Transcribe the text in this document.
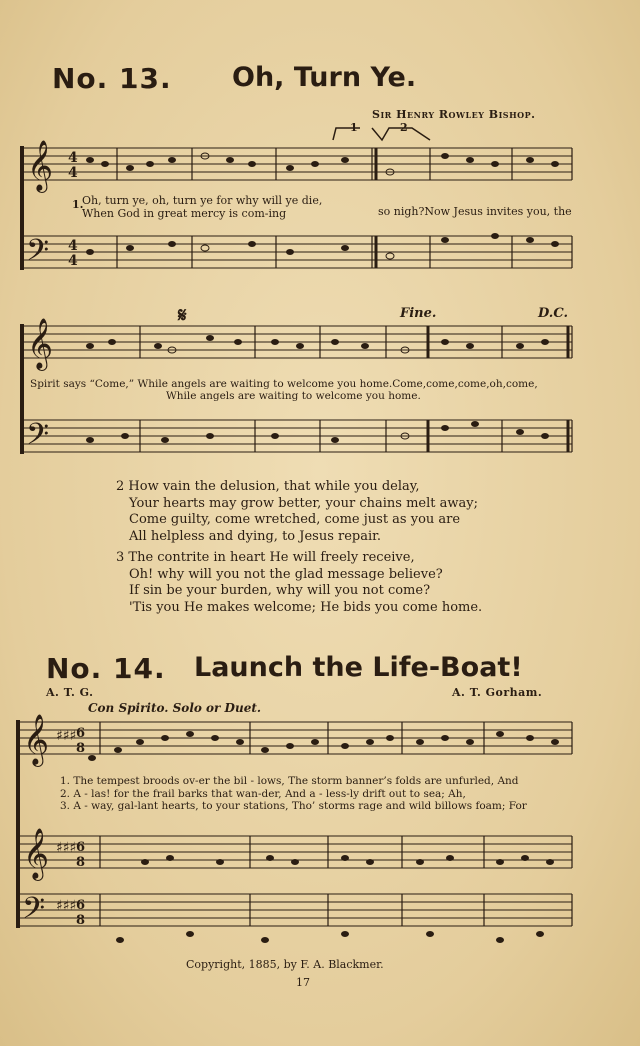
No. 13. Oh, Turn Ye.
Sir Henry Rowley Bishop.
1	2
𝄞
𝄢
4
4
4
4
1.
Oh, turn ye, oh, turn ye for why will ye die,
When God in great mercy is com-ing	so nigh?Now Jesus invites you, the
Fine.	D.C.
𝄞
𝄢
𝄋
Spirit says “Come,” While angels are waiting to welcome you home.Come,come,come,oh,come,
While angels are waiting to welcome you home.
2 How vain the delusion, that while you delay,
Your hearts may grow better, your chains melt away;
Come guilty, come wretched, come just as you are
All helpless and dying, to Jesus repair.
3 The contrite in heart He will freely receive,
Oh! why will you not the glad message believe?
If sin be your burden, why will you not come?
'Tis you He makes welcome; He bids you come home.
No. 14. Launch the Life-Boat!
A. T. G.	A. T. Gorham.
Con Spirito. Solo or Duet.
𝄞
𝄞
𝄢
♯♯♯
♯♯♯
♯♯♯
6
8
6
8
6
8
1. The tempest broods ov-er the bil - lows, The storm banner’s folds are unfurled, And
2. A - las! for the frail barks that wan-der, And a - less-ly drift out to sea; Ah,
3. A - way, gal-lant hearts, to your stations, Tho’ storms rage and wild billows foam; For
Copyright, 1885, by F. A. Blackmer.
17
